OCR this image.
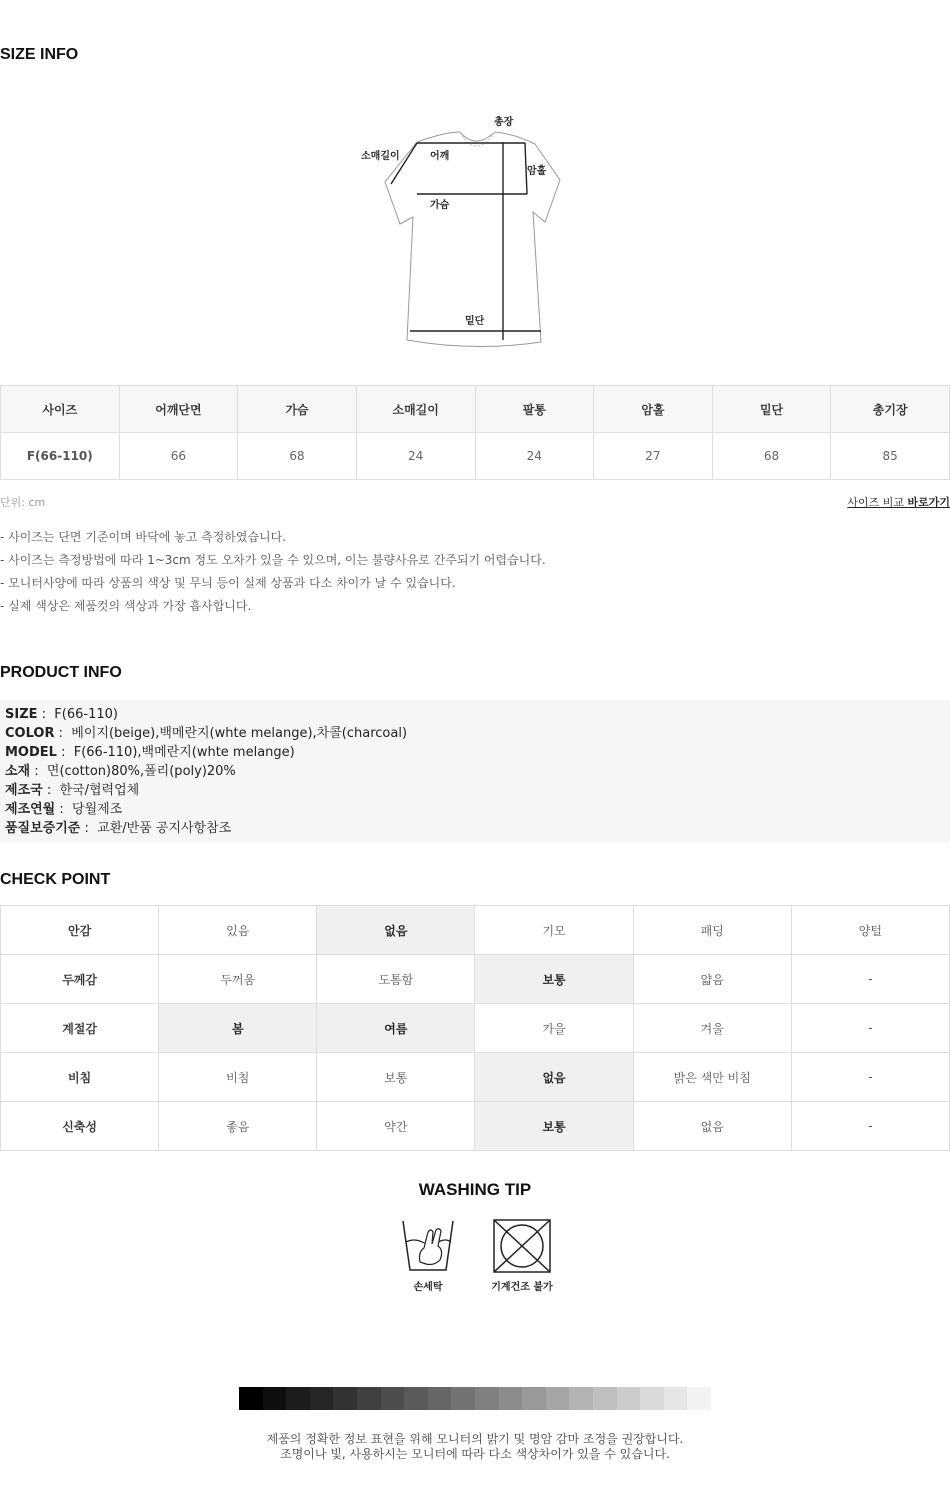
SIZE INFO
총장
소매길이	어깨
암홀
가슴
밑단
사이즈	어깨단면	가슴	소매길이	팔통	암홀	밑단	총기장
F(66-110)	66	68	24	24	27	68	85
단위: cm	사이즈 비교 바로가기
- 사이즈는 단면 기준이며 바닥에 놓고 측정하였습니다.
- 사이즈는 측정방법에 따라 1~3cm 정도 오차가 있을 수 있으며, 이는 불량사유로 간주되기 어렵습니다.
- 모니터사양에 따라 상품의 색상 및 무늬 등이 실제 상품과 다소 차이가 날 수 있습니다.
- 실제 색상은 제품컷의 색상과 가장 흡사합니다.
PRODUCT INFO
SIZE :  F(66-110)
COLOR :  베이지(beige),백메란지(whte melange),차콜(charcoal)
MODEL :  F(66-110),백메란지(whte melange)
소재 :  면(cotton)80%,폴리(poly)20%
제조국 :  한국/협력업체
제조연월 :  당월제조
품질보증기준 :  교환/반품 공지사항참조
CHECK POINT
안감	있음	없음	기모	패딩	양털
두께감	두꺼움	도톰함	보통	얇음	-
계절감	봄	여름	가을	겨울	-
비침	비침	보통	없음	밝은 색만 비침	-
신축성	좋음	약간	보통	없음	-
WASHING TIP
손세탁	기계건조 불가
제품의 정확한 정보 표현을 위해 모니터의 밝기 및 명암 감마 조정을 권장합니다.
조명이나 빛, 사용하시는 모니터에 따라 다소 색상차이가 있을 수 있습니다.
